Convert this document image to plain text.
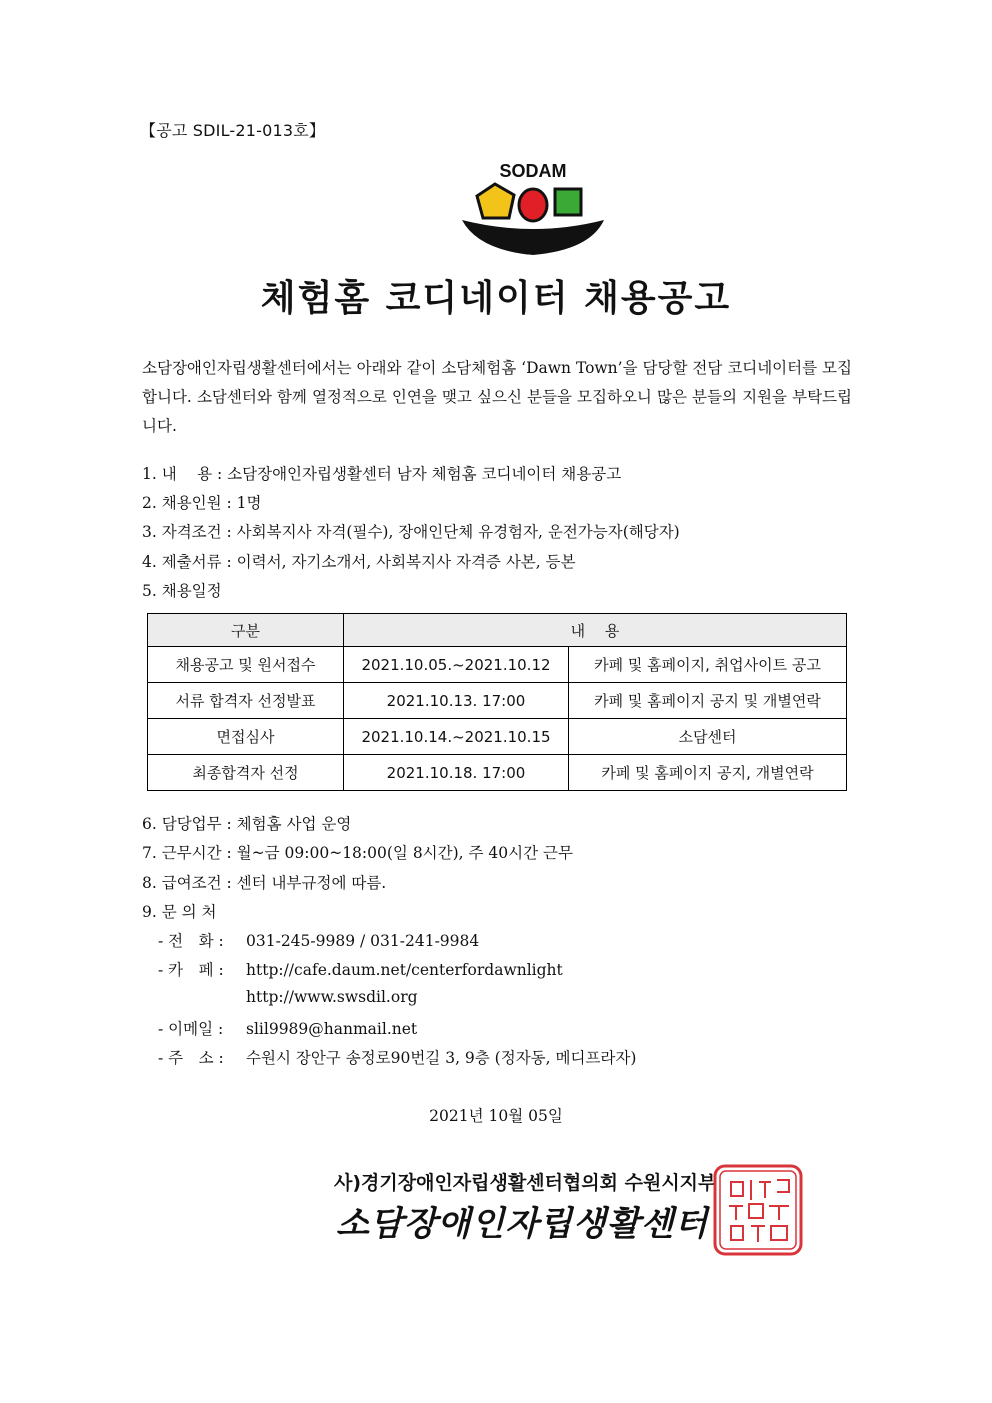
【공고 SDIL-21-013호】
SODAM
체험홈 코디네이터 채용공고
소담장애인자립생활센터에서는 아래와 같이 소담체험홈 ‘Dawn Town’을 담당할 전담 코디네이터를 모집합니다. 소담센터와 함께 열정적으로 인연을 맺고 싶으신 분들을 모집하오니 많은 분들의 지원을 부탁드립니다.
1. 내　 용 : 소담장애인자립생활센터 남자 체험홈 코디네이터 채용공고
2. 채용인원 : 1명
3. 자격조건 : 사회복지사 자격(필수), 장애인단체 유경험자, 운전가능자(해당자)
4. 제출서류 : 이력서, 자기소개서, 사회복지사 자격증 사본, 등본
5. 채용일정
구분	내　 용	
채용공고 및 원서접수	2021.10.05.~2021.10.12	카페 및 홈페이지, 취업사이트 공고
서류 합격자 선정발표	2021.10.13. 17:00	카페 및 홈페이지 공지 및 개별연락
면접심사	2021.10.14.~2021.10.15	소담센터
최종합격자 선정	2021.10.18. 17:00	카페 및 홈페이지 공지, 개별연락
6. 담당업무 : 체험홈 사업 운영
7. 근무시간 : 월~금 09:00~18:00(일 8시간), 주 40시간 근무
8. 급여조건 : 센터 내부규정에 따름.
9. 문 의 처
- 전　화 : 031-245-9989 / 031-241-9984
- 카　페 : http://cafe.daum.net/centerfordawnlight
http://www.swsdil.org
- 이메일 : slil9989@hanmail.net
- 주　소 : 수원시 장안구 송정로90번길 3, 9층 (정자동, 메디프라자)
2021년 10월 05일
사)경기장애인자립생활센터협의회 수원시지부
소담장애인자립생활센터
